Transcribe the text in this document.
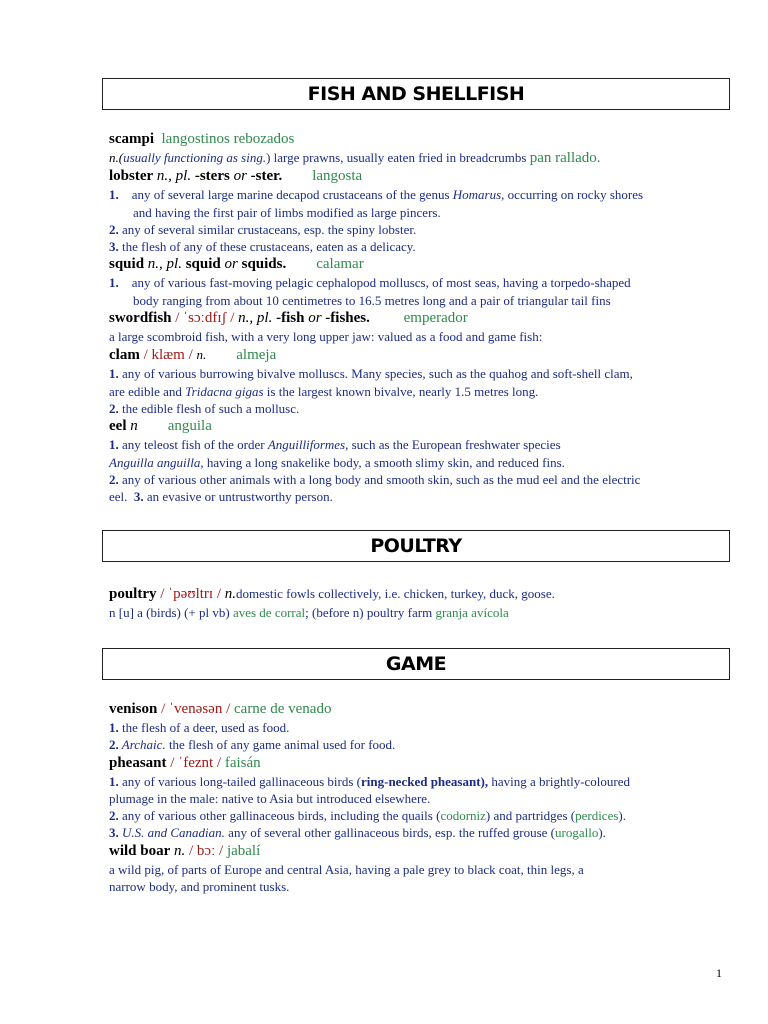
FISH AND SHELLFISH
scampi langostinos rebozados
n.(usually functioning as sing.) large prawns, usually eaten fried in breadcrumbs pan rallado.
lobster n., pl. -sters or -ster. langosta
1. any of several large marine decapod crustaceans of the genus Homarus, occurring on rocky shores
and having the first pair of limbs modified as large pincers.
2. any of several similar crustaceans, esp. the spiny lobster.
3. the flesh of any of these crustaceans, eaten as a delicacy.
squid n., pl. squid or squids. calamar
1. any of various fast-moving pelagic cephalopod molluscs, of most seas, having a torpedo-shaped
body ranging from about 10 centimetres to 16.5 metres long and a pair of triangular tail fins
swordfish / ˈsɔːdfɪʃ / n., pl. -fish or -fishes. emperador
a large scombroid fish, with a very long upper jaw: valued as a food and game fish:
clam / klæm / n. almeja
1. any of various burrowing bivalve molluscs. Many species, such as the quahog and soft-shell clam,
are edible and Tridacna gigas is the largest known bivalve, nearly 1.5 metres long.
2. the edible flesh of such a mollusc.
eel n anguila
1. any teleost fish of the order Anguilliformes, such as the European freshwater species
Anguilla anguilla, having a long snakelike body, a smooth slimy skin, and reduced fins.
2. any of various other animals with a long body and smooth skin, such as the mud eel and the electric
eel.  3. an evasive or untrustworthy person.
POULTRY
poultry / ˈpəʊltrɪ / n.domestic fowls collectively, i.e. chicken, turkey, duck, goose.
n [u] a (birds) (+ pl vb) aves de corral; (before n) poultry farm granja avícola
GAME
venison / ˈvenəsən / carne de venado
1. the flesh of a deer, used as food.
2. Archaic. the flesh of any game animal used for food.
pheasant / ˈfeznt / faisán
1. any of various long-tailed gallinaceous birds (ring-necked pheasant), having a brightly-coloured
plumage in the male: native to Asia but introduced elsewhere.
2. any of various other gallinaceous birds, including the quails (codorniz) and partridges (perdices).
3. U.S. and Canadian. any of several other gallinaceous birds, esp. the ruffed grouse (urogallo).
wild boar n. / bɔː / jabalí
a wild pig, of parts of Europe and central Asia, having a pale grey to black coat, thin legs, a
narrow body, and prominent tusks.
1
